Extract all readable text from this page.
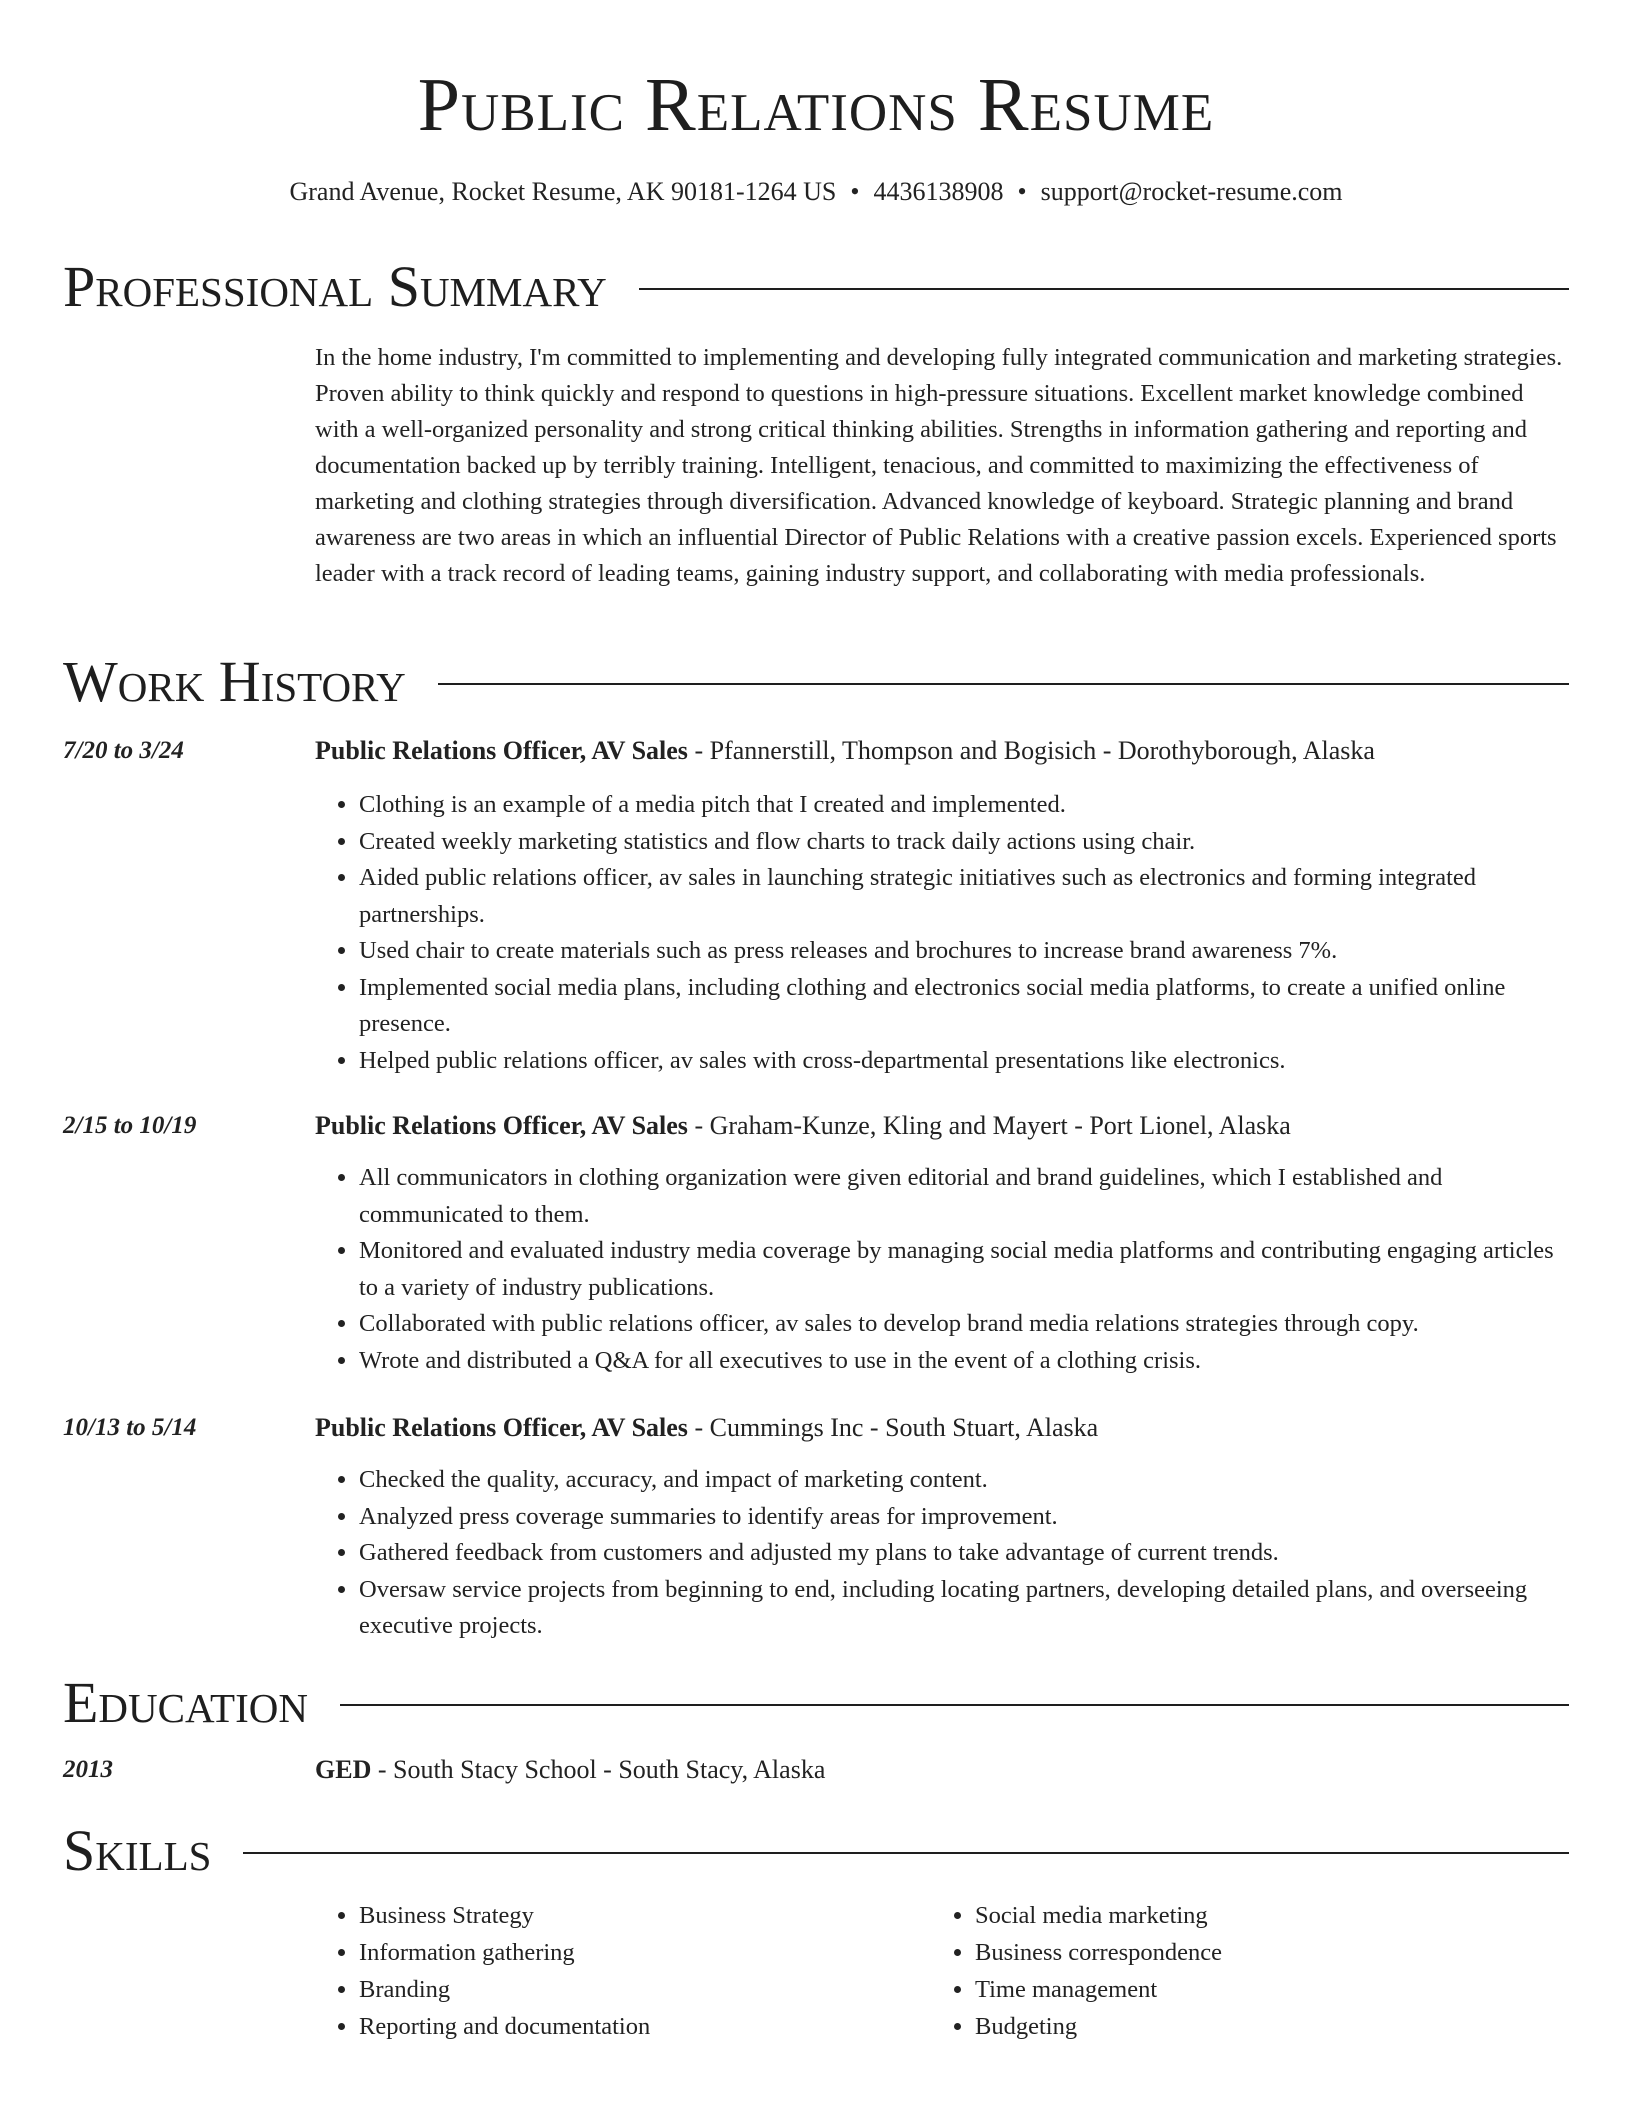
Public Relations Resume
Grand Avenue, Rocket Resume, AK 90181-1264 US • 4436138908 • support@rocket-resume.com
Professional Summary
In the home industry, I'm committed to implementing and developing fully integrated communication and marketing strategies. Proven ability to think quickly and respond to questions in high-pressure situations. Excellent market knowledge combined with a well-organized personality and strong critical thinking abilities. Strengths in information gathering and reporting and documentation backed up by terribly training. Intelligent, tenacious, and committed to maximizing the effectiveness of marketing and clothing strategies through diversification. Advanced knowledge of keyboard. Strategic planning and brand awareness are two areas in which an influential Director of Public Relations with a creative passion excels. Experienced sports leader with a track record of leading teams, gaining industry support, and collaborating with media professionals.
Work History
7/20 to 3/24	Public Relations Officer, AV Sales - Pfannerstill, Thompson and Bogisich - Dorothyborough, Alaska
• Clothing is an example of a media pitch that I created and implemented.
• Created weekly marketing statistics and flow charts to track daily actions using chair.
• Aided public relations officer, av sales in launching strategic initiatives such as electronics and forming integrated partnerships.
• Used chair to create materials such as press releases and brochures to increase brand awareness 7%.
• Implemented social media plans, including clothing and electronics social media platforms, to create a unified online presence.
• Helped public relations officer, av sales with cross-departmental presentations like electronics.
2/15 to 10/19	Public Relations Officer, AV Sales - Graham-Kunze, Kling and Mayert - Port Lionel, Alaska
• All communicators in clothing organization were given editorial and brand guidelines, which I established and communicated to them.
• Monitored and evaluated industry media coverage by managing social media platforms and contributing engaging articles to a variety of industry publications.
• Collaborated with public relations officer, av sales to develop brand media relations strategies through copy.
• Wrote and distributed a Q&A for all executives to use in the event of a clothing crisis.
10/13 to 5/14	Public Relations Officer, AV Sales - Cummings Inc - South Stuart, Alaska
• Checked the quality, accuracy, and impact of marketing content.
• Analyzed press coverage summaries to identify areas for improvement.
• Gathered feedback from customers and adjusted my plans to take advantage of current trends.
• Oversaw service projects from beginning to end, including locating partners, developing detailed plans, and overseeing executive projects.
Education
2013	GED - South Stacy School - South Stacy, Alaska
Skills
• Business Strategy
• Information gathering
• Branding
• Reporting and documentation
• Social media marketing
• Business correspondence
• Time management
• Budgeting
